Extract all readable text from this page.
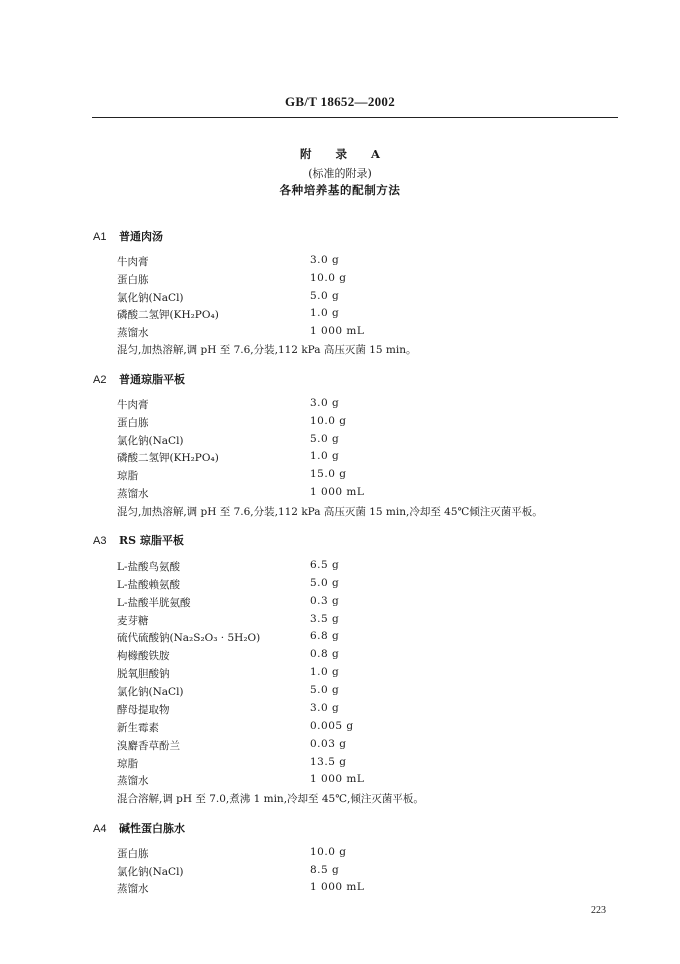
GB/T 18652—2002
附 录 A
(标准的附录)
各种培养基的配制方法
A1 普通肉汤
牛肉膏	3.0 g
蛋白胨	10.0 g
氯化钠(NaCl)	5.0 g
磷酸二氢钾(KH₂PO₄)	1.0 g
蒸馏水	1 000 mL
混匀,加热溶解,调 pH 至 7.6,分装,112 kPa 高压灭菌 15 min。
A2 普通琼脂平板
牛肉膏	3.0 g
蛋白胨	10.0 g
氯化钠(NaCl)	5.0 g
磷酸二氢钾(KH₂PO₄)	1.0 g
琼脂	15.0 g
蒸馏水	1 000 mL
混匀,加热溶解,调 pH 至 7.6,分装,112 kPa 高压灭菌 15 min,冷却至 45℃倾注灭菌平板。
A3 RS 琼脂平板
L-盐酸鸟氨酸	6.5 g
L-盐酸赖氨酸	5.0 g
L-盐酸半胱氨酸	0.3 g
麦芽糖	3.5 g
硫代硫酸钠(Na₂S₂O₃ · 5H₂O)	6.8 g
枸橼酸铁胺	0.8 g
脱氧胆酸钠	1.0 g
氯化钠(NaCl)	5.0 g
酵母提取物	3.0 g
新生霉素	0.005 g
溴麝香草酚兰	0.03 g
琼脂	13.5 g
蒸馏水	1 000 mL
混合溶解,调 pH 至 7.0,煮沸 1 min,冷却至 45℃,倾注灭菌平板。
A4 碱性蛋白胨水
蛋白胨	10.0 g
氯化钠(NaCl)	8.5 g
蒸馏水	1 000 mL
223
